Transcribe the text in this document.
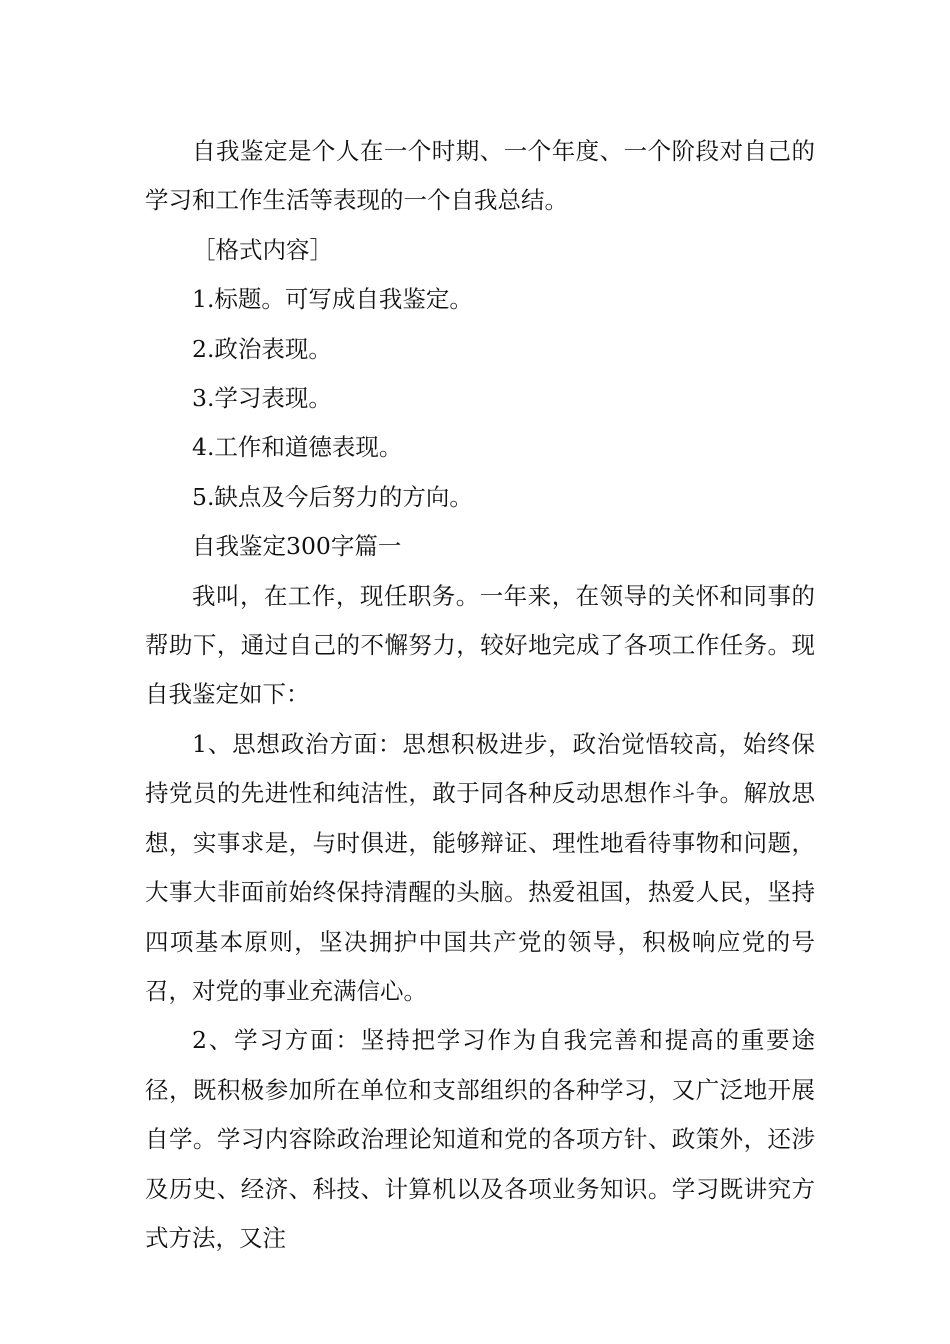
自我鉴定是个人在一个时期、一个年度、一个阶段对自己的学习和工作生活等表现的一个自我总结。

［格式内容］

1.标题。可写成自我鉴定。

2.政治表现。

3.学习表现。

4.工作和道德表现。

5.缺点及今后努力的方向。

自我鉴定300字篇一

我叫，在工作，现任职务。一年来，在领导的关怀和同事的帮助下，通过自己的不懈努力，较好地完成了各项工作任务。现自我鉴定如下：

1、思想政治方面：思想积极进步，政治觉悟较高，始终保持党员的先进性和纯洁性，敢于同各种反动思想作斗争。解放思想，实事求是，与时俱进，能够辩证、理性地看待事物和问题，大事大非面前始终保持清醒的头脑。热爱祖国，热爱人民，坚持四项基本原则，坚决拥护中国共产党的领导，积极响应党的号召，对党的事业充满信心。

2、学习方面：坚持把学习作为自我完善和提高的重要途径，既积极参加所在单位和支部组织的各种学习，又广泛地开展自学。学习内容除政治理论知道和党的各项方针、政策外，还涉及历史、经济、科技、计算机以及各项业务知识。学习既讲究方式方法，又注
